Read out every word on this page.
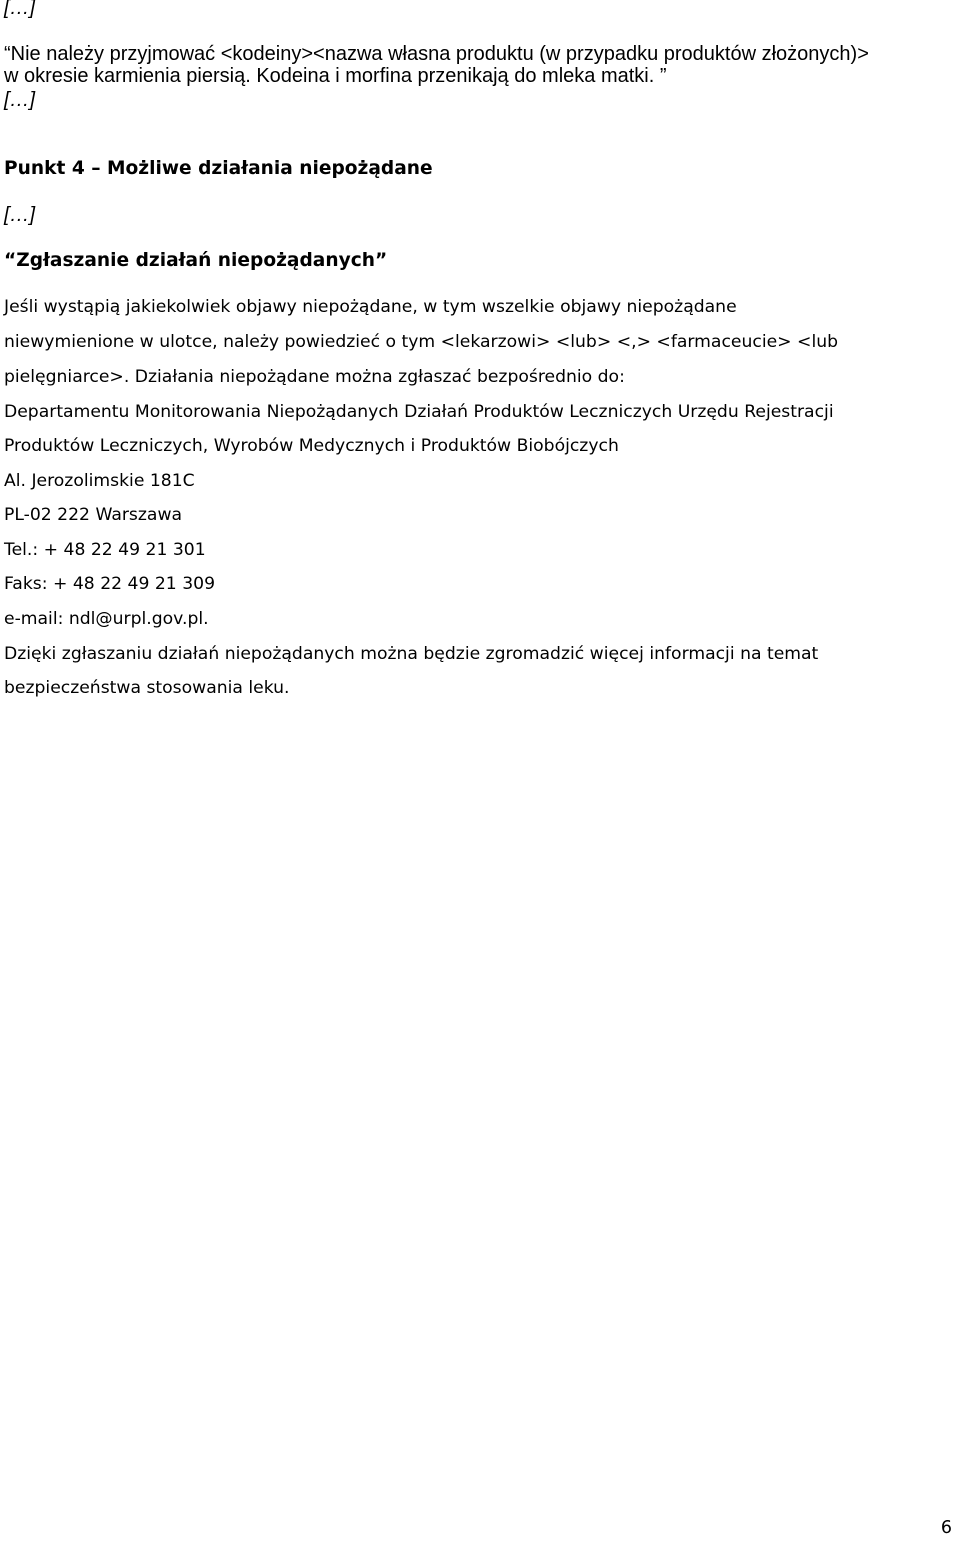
[…]

“Nie należy przyjmować <kodeiny><nazwa własna produktu (w przypadku produktów złożonych)>

w okresie karmienia piersią. Kodeina i morfina przenikają do mleka matki. ”

[…]

Punkt 4 – Możliwe działania niepożądane

[…]

“Zgłaszanie działań niepożądanych”

Jeśli wystąpią jakiekolwiek objawy niepożądane, w tym wszelkie objawy niepożądane

niewymienione w ulotce, należy powiedzieć o tym <lekarzowi> <lub> <,> <farmaceucie> <lub

pielęgniarce>. Działania niepożądane można zgłaszać bezpośrednio do:

Departamentu Monitorowania Niepożądanych Działań Produktów Leczniczych Urzędu Rejestracji

Produktów Leczniczych, Wyrobów Medycznych i Produktów Biobójczych

Al. Jerozolimskie 181C

PL-02 222 Warszawa

Tel.: + 48 22 49 21 301

Faks: + 48 22 49 21 309

e-mail: ndl@urpl.gov.pl.

Dzięki zgłaszaniu działań niepożądanych można będzie zgromadzić więcej informacji na temat

bezpieczeństwa stosowania leku.

6
